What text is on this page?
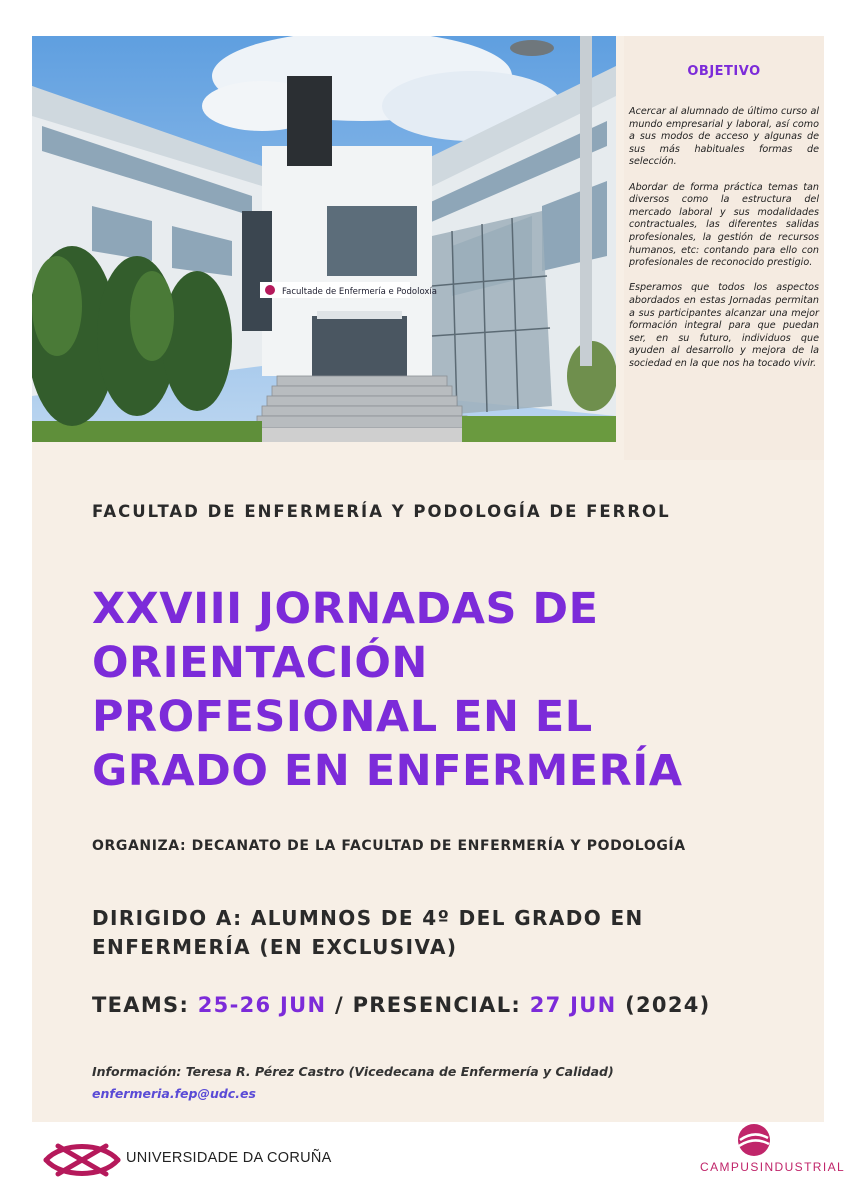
Facultade de Enfermería e Podoloxía
OBJETIVO

Acercar al alumnado de último curso al mundo empresarial y laboral, así como a sus modos de acceso y algunas de sus más habituales formas de selección.

Abordar de forma práctica temas tan diversos como la estructura del mercado laboral y sus modalidades contractuales, las diferentes salidas profesionales, la gestión de recursos humanos, etc: contando para ello con profesionales de reconocido prestigio.

Esperamos que todos los aspectos abordados en estas Jornadas permitan a sus participantes alcanzar una mejor formación integral para que puedan ser, en su futuro, individuos que ayuden al desarrollo y mejora de la sociedad en la que nos ha tocado vivir.

FACULTAD DE ENFERMERÍA Y PODOLOGÍA DE FERROL
XXVIII JORNADAS DE
ORIENTACIÓN
PROFESIONAL EN EL
GRADO EN ENFERMERÍA
ORGANIZA: DECANATO DE LA FACULTAD DE ENFERMERÍA Y PODOLOGÍA
DIRIGIDO A: ALUMNOS DE 4º DEL GRADO EN
ENFERMERÍA (EN EXCLUSIVA)
TEAMS: 25-26 JUN / PRESENCIAL: 27 JUN (2024)
Información: Teresa R. Pérez Castro (Vicedecana de Enfermería y Calidad)
enfermeria.fep@udc.es
UNIVERSIDADE DA CORUÑA
CAMPUSINDUSTRIAL
